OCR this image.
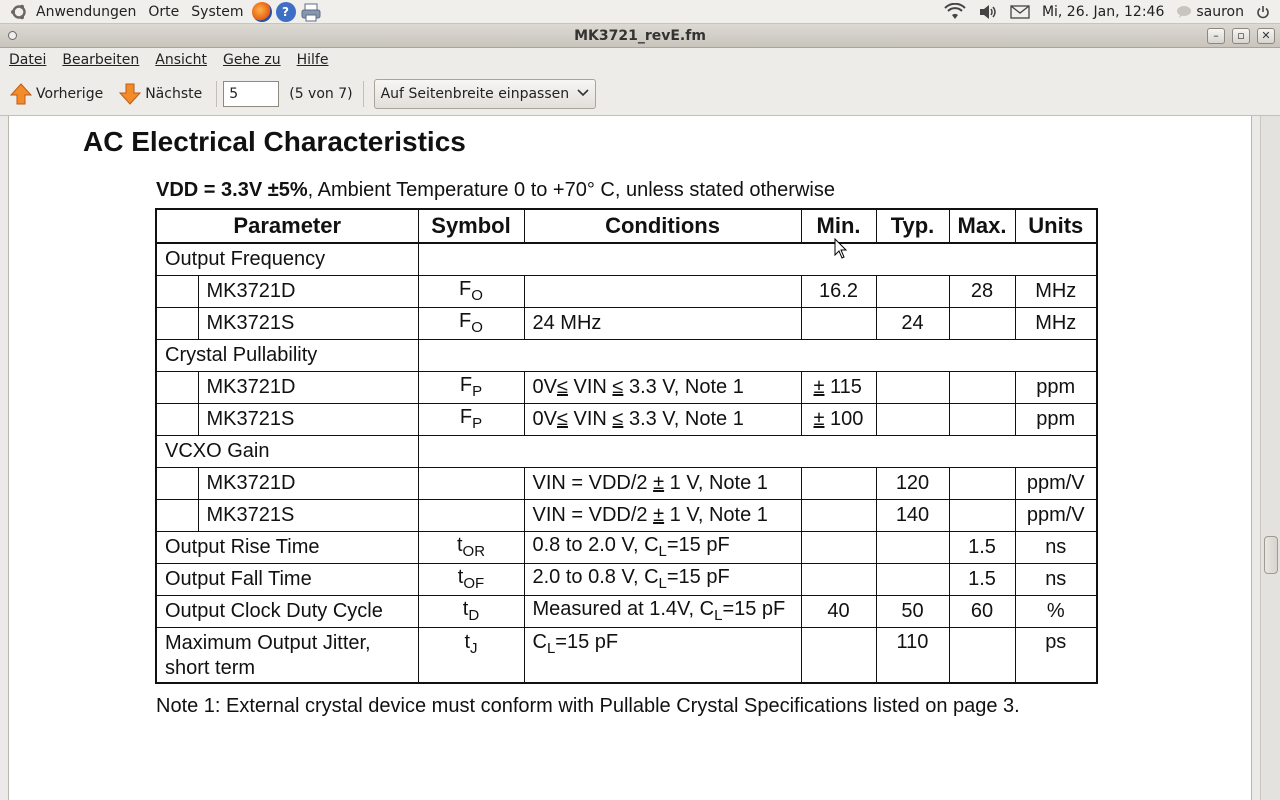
Anwendungen Orte System	?	Mi, 26. Jan, 12:46 sauron
MK3721_revE.fm	–	▫	✕
Datei	Bearbeiten	Ansicht	Gehe zu	Hilfe
Vorherige	Nächste
5	(5 von 7) Auf Seitenbreite einpassen
AC Electrical Characteristics
VDD = 3.3V ±5%, Ambient Temperature 0 to +70° C, unless stated otherwise
Parameter		Symbol	Conditions	Min.	Typ.	Max.	Units
Output Frequency							
	MK3721D	$F_O$		16.2		28	MHz
	MK3721S	$F_O$	24 MHz		24		MHz
Crystal Pullability							
	MK3721D	$F_P$	0V≤ VIN ≤ 3.3 V, Note 1	± 115			ppm
	MK3721S	$F_P$	0V≤ VIN ≤ 3.3 V, Note 1	± 100			ppm
VCXO Gain							
	MK3721D		VIN = VDD/2 ± 1 V, Note 1		120		ppm/V
	MK3721S		VIN = VDD/2 ± 1 V, Note 1		140		ppm/V
Output Rise Time		$t_{OR}$	0.8 to 2.0 V, $C_L=15$ pF			1.5	ns
Output Fall Time		$t_{OF}$	2.0 to 0.8 V, $C_L=15$ pF			1.5	ns
Output Clock Duty Cycle		$t_D$	Measured at 1.4V, $C_L=15$ pF	40	50	60	%
Maximum Output Jitter,
short term		$t_J$	$C_L=15$ pF		110		ps
Note 1: External crystal device must conform with Pullable Crystal Specifications listed on page 3.
